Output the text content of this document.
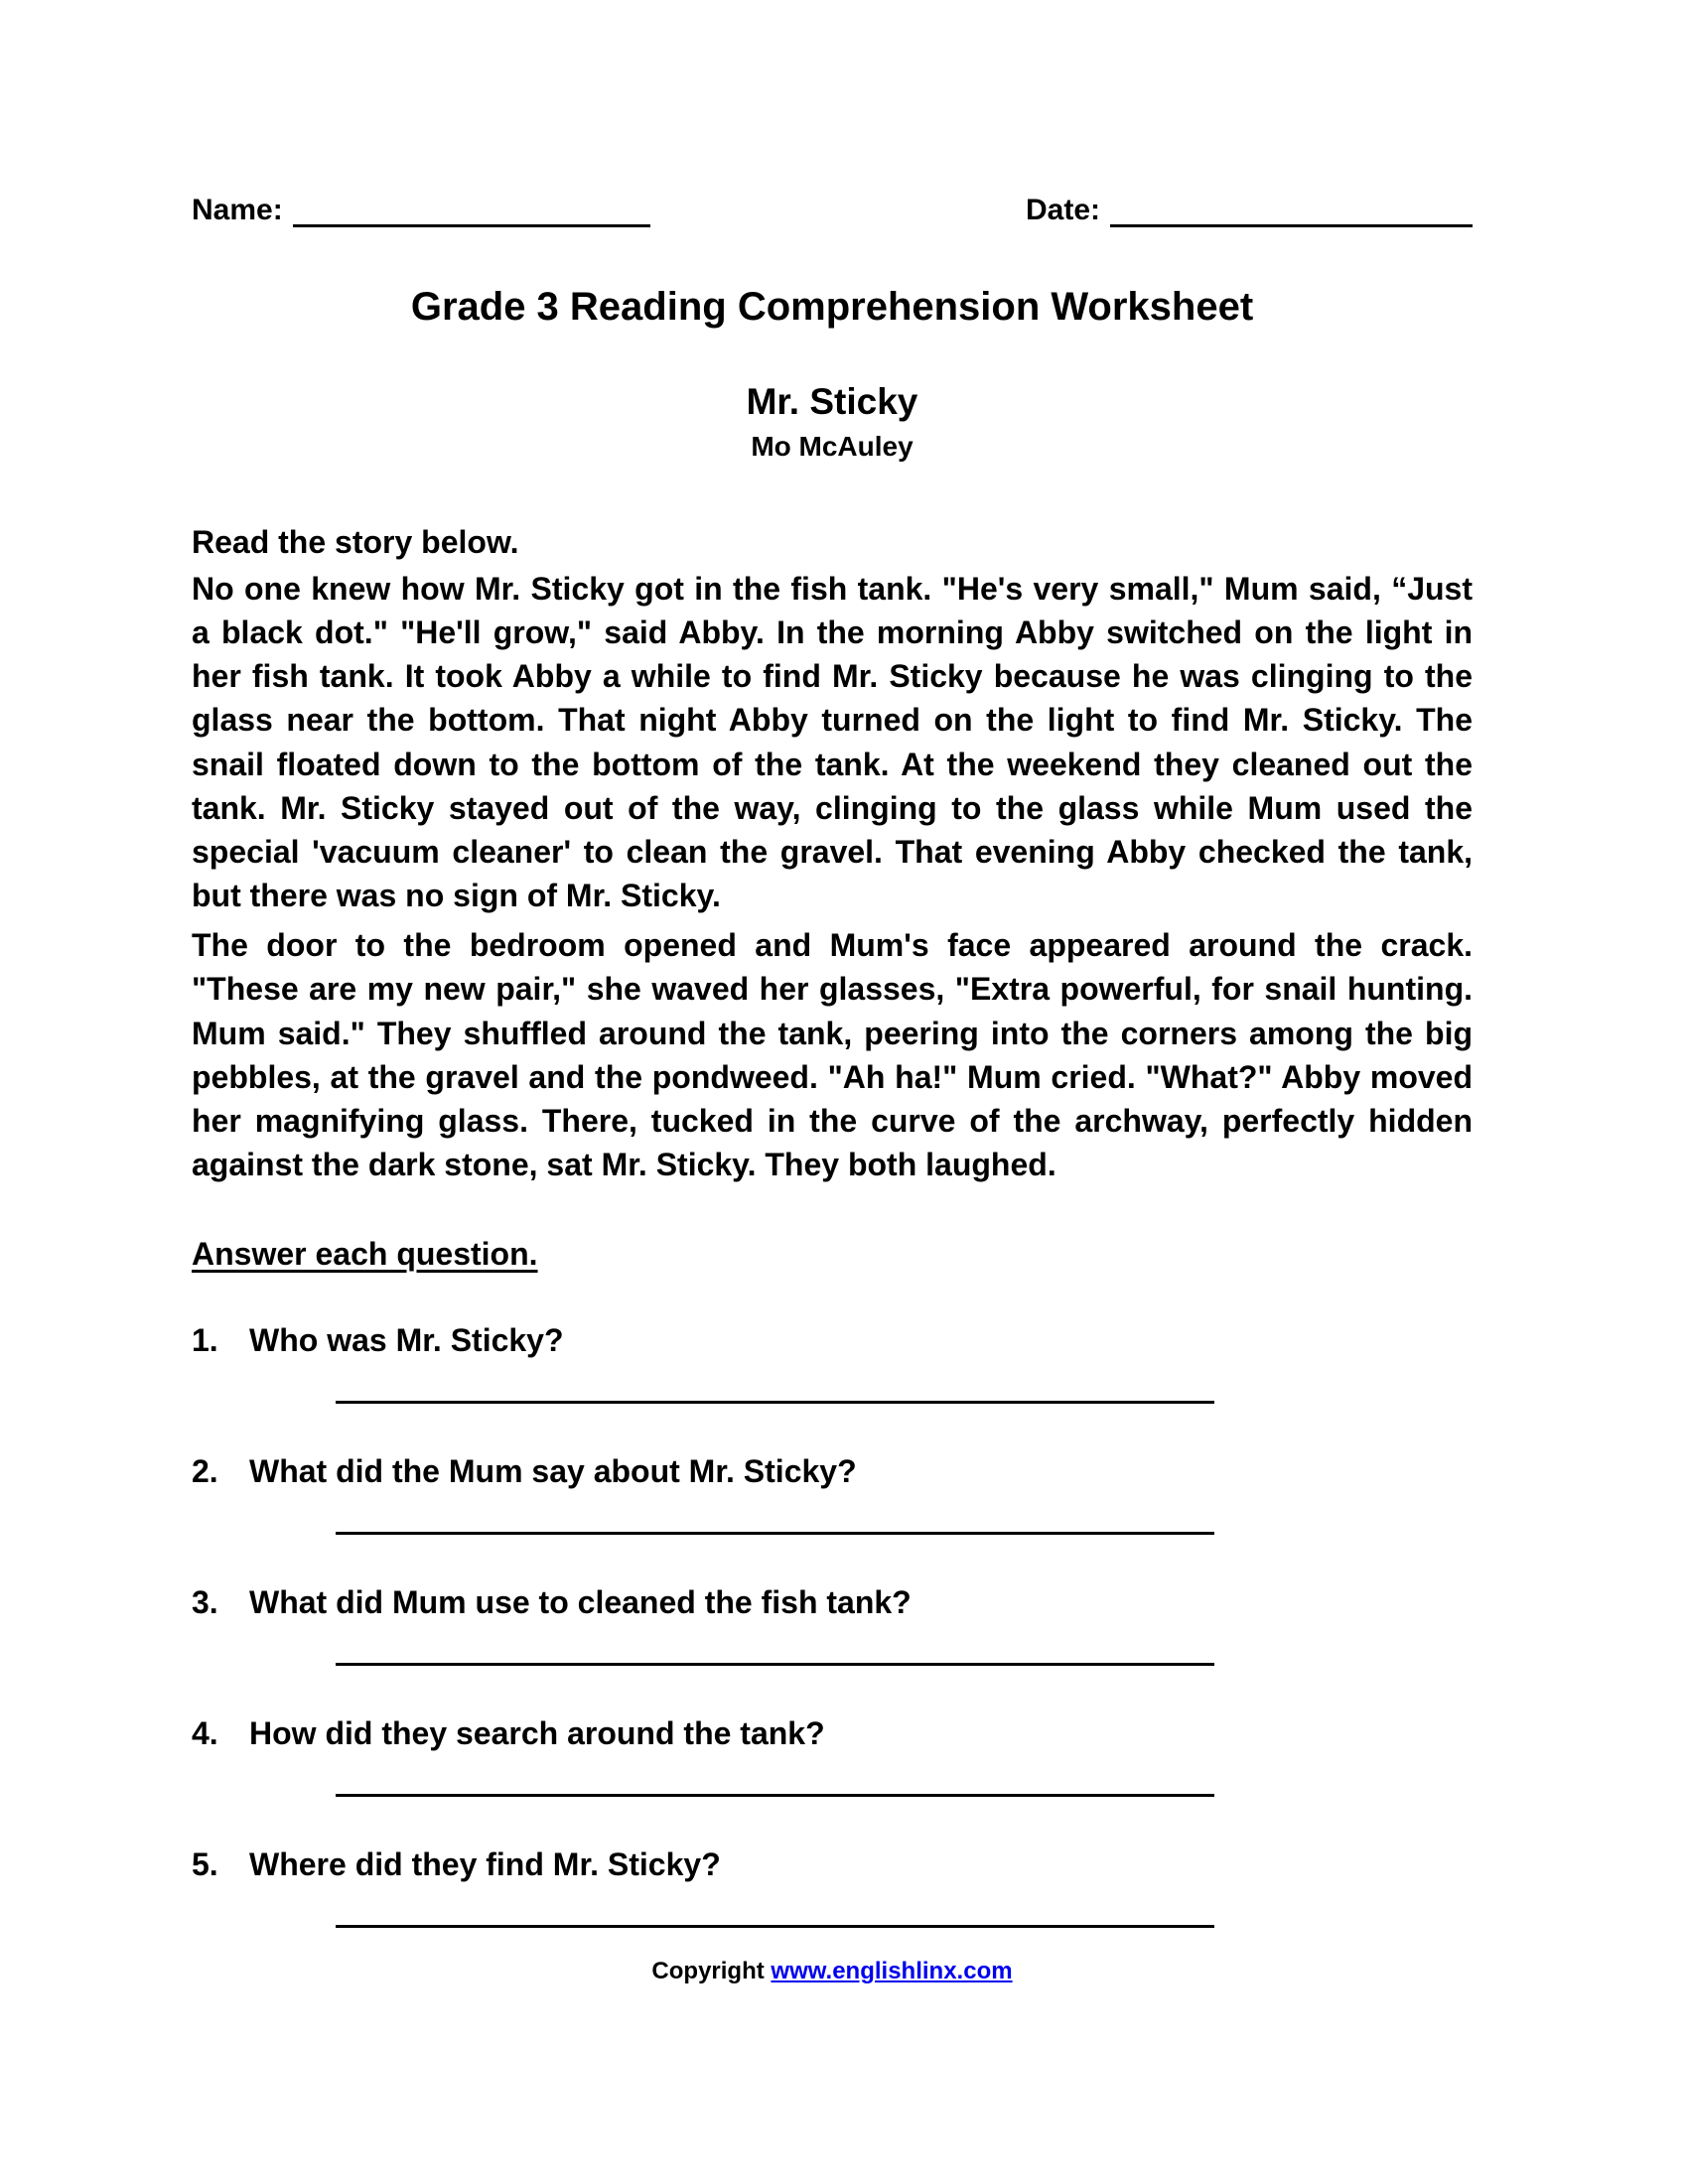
Name:	Date:
Grade 3 Reading Comprehension Worksheet
Mr. Sticky
Mo McAuley
Read the story below.

No one knew how Mr. Sticky got in the fish tank. "He's very small," Mum said, “Just a black dot." "He'll grow," said Abby. In the morning Abby switched on the light in her fish tank. It took Abby a while to find Mr. Sticky because he was clinging to the glass near the bottom. That night Abby turned on the light to find Mr. Sticky. The snail floated down to the bottom of the tank. At the weekend they cleaned out the tank. Mr. Sticky stayed out of the way, clinging to the glass while Mum used the special 'vacuum cleaner' to clean the gravel. That evening Abby checked the tank, but there was no sign of Mr. Sticky.

The door to the bedroom opened and Mum's face appeared around the crack. "These are my new pair," she waved her glasses, "Extra powerful, for snail hunting. Mum said." They shuffled around the tank, peering into the corners among the big pebbles, at the gravel and the pondweed. "Ah ha!" Mum cried. "What?" Abby moved her magnifying glass. There, tucked in the curve of the archway, perfectly hidden against the dark stone, sat Mr. Sticky. They both laughed.

Answer each question.
1. Who was Mr. Sticky?
2. What did the Mum say about Mr. Sticky?
3. What did Mum use to cleaned the fish tank?
4. How did they search around the tank?
5. Where did they find Mr. Sticky?
Copyright www.englishlinx.com
